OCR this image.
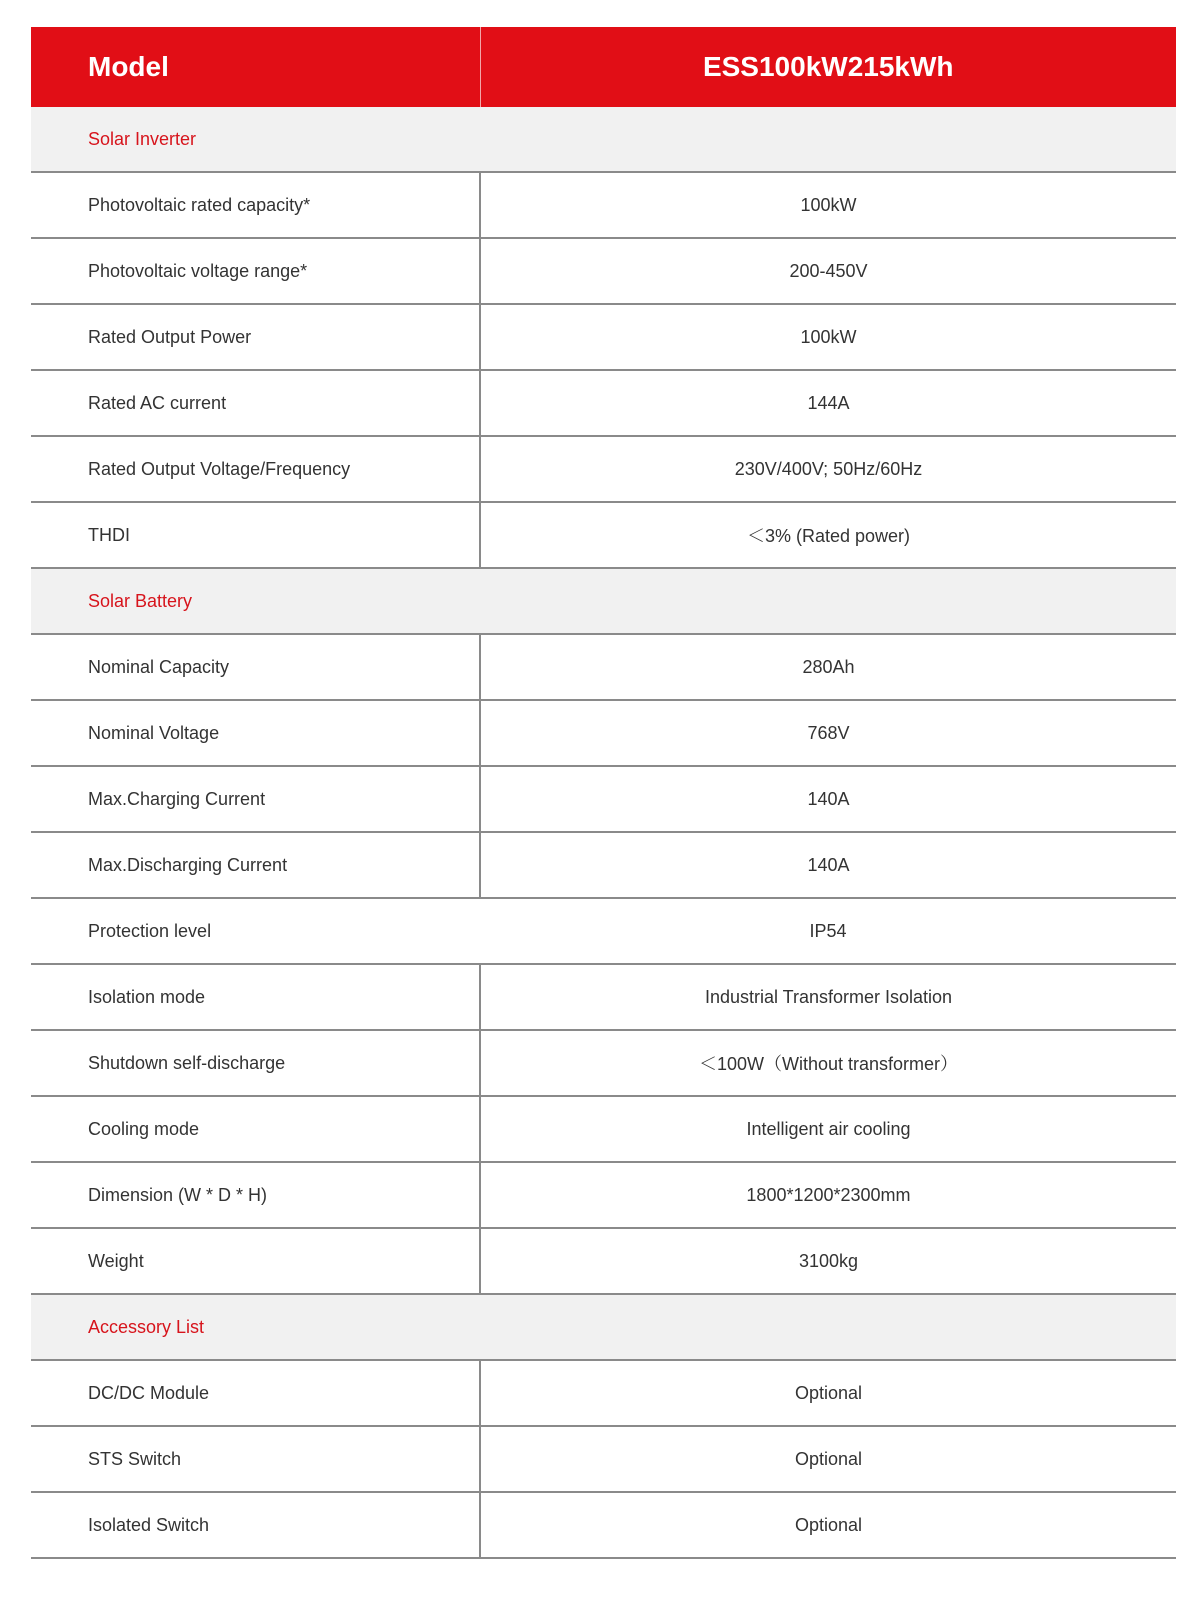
Model	ESS100kW215kWh
Solar Inverter	
Photovoltaic rated capacity*	100kW
Photovoltaic voltage range*	200-450V
Rated Output Power	100kW
Rated AC current	144A
Rated Output Voltage/Frequency	230V/400V; 50Hz/60Hz
THDI	＜3% (Rated power)
Solar Battery	
Nominal Capacity	280Ah
Nominal Voltage	768V
Max.Charging Current	140A
Max.Discharging Current	140A
Protection level	IP54
Isolation mode	Industrial Transformer Isolation
Shutdown self-discharge	＜100W（Without transformer）
Cooling mode	Intelligent air cooling
Dimension (W * D * H)	1800*1200*2300mm
Weight	3100kg
Accessory List	
DC/DC Module	Optional
STS Switch	Optional
Isolated Switch	Optional
